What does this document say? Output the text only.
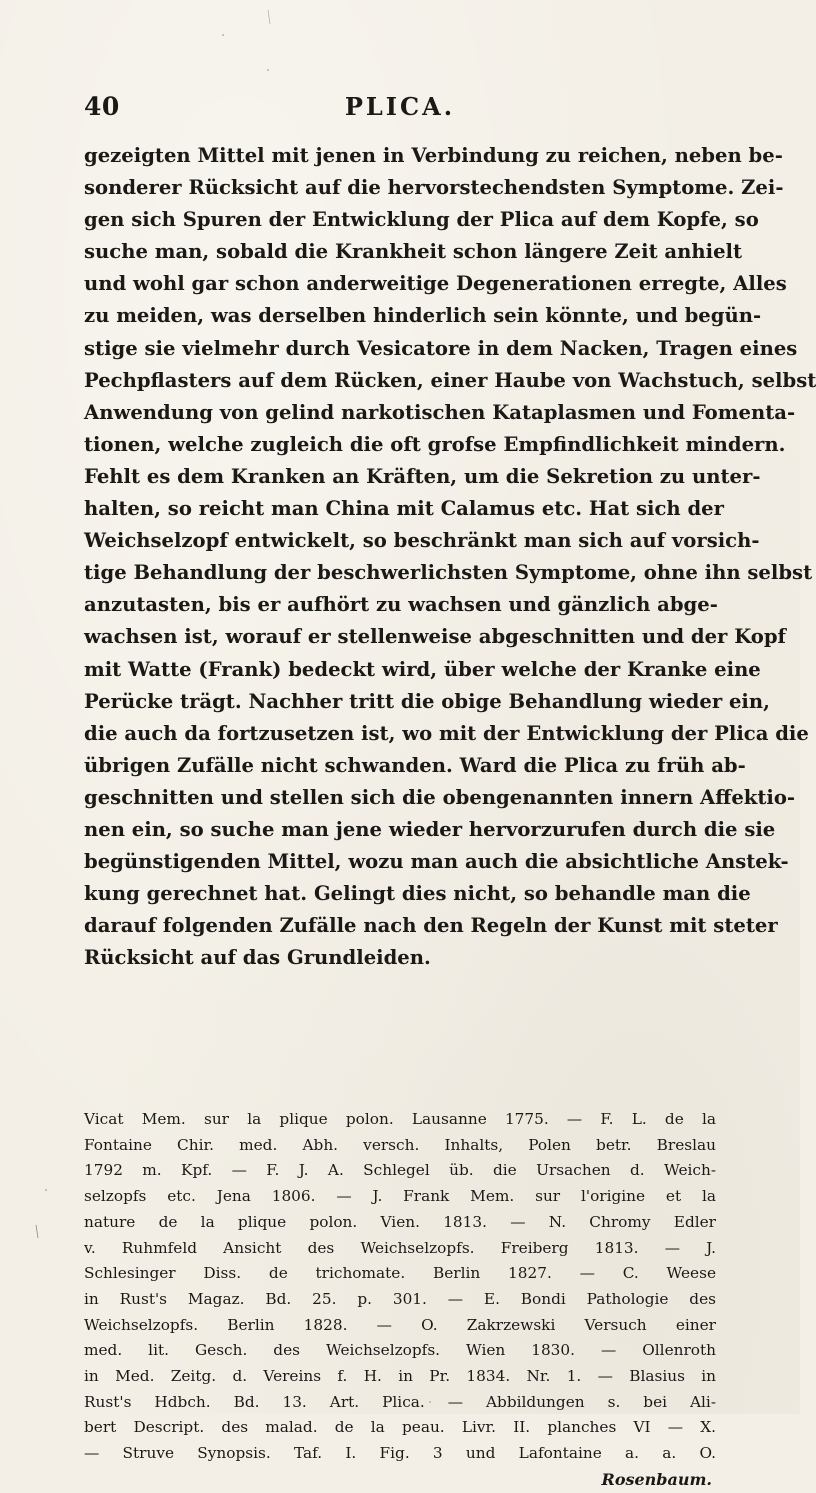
40	PLICA.
gezeigten Mittel mit jenen in Verbindung zu reichen, neben be-
sonderer Rücksicht auf die hervorstechendsten Symptome. Zei-
gen sich Spuren der Entwicklung der Plica auf dem Kopfe, so
suche man, sobald die Krankheit schon längere Zeit anhielt
und wohl gar schon anderweitige Degenerationen erregte, Alles
zu meiden, was derselben hinderlich sein könnte, und begün-
stige sie vielmehr durch Vesicatore in dem Nacken, Tragen eines
Pechpflasters auf dem Rücken, einer Haube von Wachstuch, selbst
Anwendung von gelind narkotischen Kataplasmen und Fomenta-
tionen, welche zugleich die oft grofse Empfindlichkeit mindern.
Fehlt es dem Kranken an Kräften, um die Sekretion zu unter-
halten, so reicht man China mit Calamus etc. Hat sich der
Weichselzopf entwickelt, so beschränkt man sich auf vorsich-
tige Behandlung der beschwerlichsten Symptome, ohne ihn selbst
anzutasten, bis er aufhört zu wachsen und gänzlich abge-
wachsen ist, worauf er stellenweise abgeschnitten und der Kopf
mit Watte (Frank) bedeckt wird, über welche der Kranke eine
Perücke trägt. Nachher tritt die obige Behandlung wieder ein,
die auch da fortzusetzen ist, wo mit der Entwicklung der Plica die
übrigen Zufälle nicht schwanden. Ward die Plica zu früh ab-
geschnitten und stellen sich die obengenannten innern Affektio-
nen ein, so suche man jene wieder hervorzurufen durch die sie
begünstigenden Mittel, wozu man auch die absichtliche Anstek-
kung gerechnet hat. Gelingt dies nicht, so behandle man die
darauf folgenden Zufälle nach den Regeln der Kunst mit steter
Rücksicht auf das Grundleiden.
Vicat Mem. sur la plique polon. Lausanne 1775. — F. L. de la
Fontaine Chir. med. Abh. versch. Inhalts, Polen betr. Breslau
1792 m. Kpf. — F. J. A. Schlegel üb. die Ursachen d. Weich-
selzopfs etc. Jena 1806. — J. Frank Mem. sur l'origine et la
nature de la plique polon. Vien. 1813. — N. Chromy Edler
v. Ruhmfeld Ansicht des Weichselzopfs. Freiberg 1813. — J.
Schlesinger Diss. de trichomate. Berlin 1827. — C. Weese
in Rust's Magaz. Bd. 25. p. 301. — E. Bondi Pathologie des
Weichselzopfs. Berlin 1828. — O. Zakrzewski Versuch einer
med. lit. Gesch. des Weichselzopfs. Wien 1830. — Ollenroth
in Med. Zeitg. d. Vereins f. H. in Pr. 1834. Nr. 1. — Blasius in
Rust's Hdbch. Bd. 13. Art. Plica. — Abbildungen s. bei Ali-
bert Descript. des malad. de la peau. Livr. II. planches VI — X.
— Struve Synopsis. Taf. I. Fig. 3 und Lafontaine a. a. O.
Rosenbaum.
